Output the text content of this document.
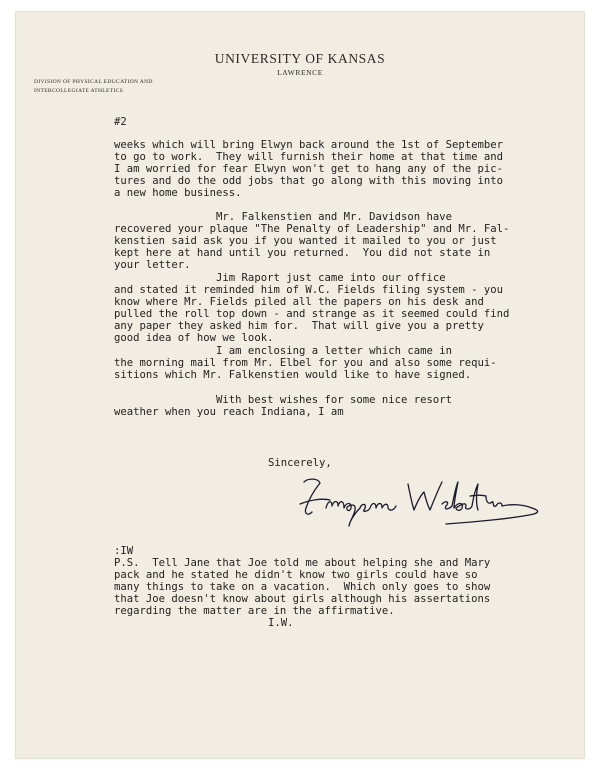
UNIVERSITY OF KANSAS
LAWRENCE
DIVISION OF PHYSICAL EDUCATION AND
INTERCOLLEGIATE ATHLETICS
#2
weeks which will bring Elwyn back around the 1st of September
to go to work.  They will furnish their home at that time and
I am worried for fear Elwyn won't get to hang any of the pic-
tures and do the odd jobs that go along with this moving into
a new home business.
Mr. Falkenstien and Mr. Davidson have
recovered your plaque "The Penalty of Leadership" and Mr. Fal-
kenstien said ask you if you wanted it mailed to you or just
kept here at hand until you returned.  You did not state in
your letter.
Jim Raport just came into our office
and stated it reminded him of W.C. Fields filing system - you
know where Mr. Fields piled all the papers on his desk and
pulled the roll top down - and strange as it seemed could find
any paper they asked him for.  That will give you a pretty
good idea of how we look.
I am enclosing a letter which came in
the morning mail from Mr. Elbel for you and also some requi-
sitions which Mr. Falkenstien would like to have signed.
With best wishes for some nice resort
weather when you reach Indiana, I am
Sincerely,
:IW
P.S.  Tell Jane that Joe told me about helping she and Mary
pack and he stated he didn't know two girls could have so
many things to take on a vacation.  Which only goes to show
that Joe doesn't know about girls although his assertations
regarding the matter are in the affirmative.
I.W.
